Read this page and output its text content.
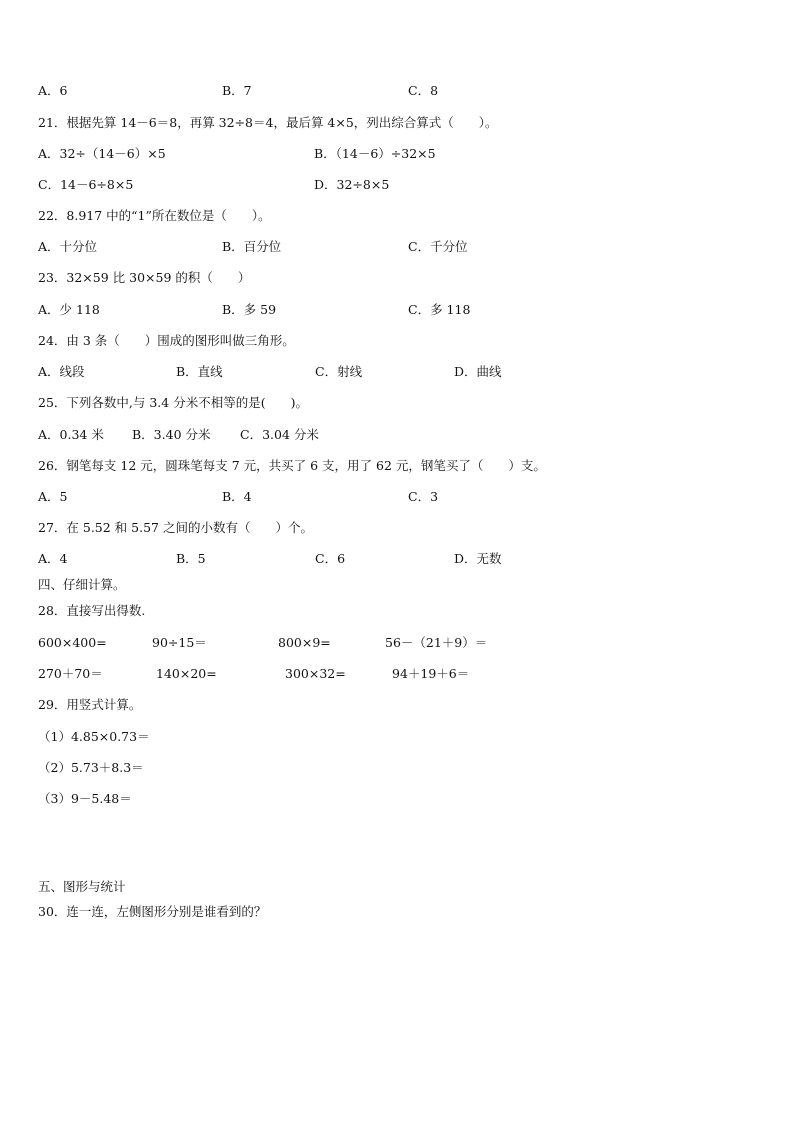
A．6	B．7	C．8
21．根据先算 14－6＝8，再算 32÷8＝4，最后算 4×5，列出综合算式（　　）。
A．32÷（14－6）×5	B．（14－6）÷32×5
C．14－6÷8×5	D．32÷8×5
22．8.917 中的“1”所在数位是（　　）。
A．十分位	B．百分位	C．千分位
23．32×59 比 30×59 的积（　　）
A．少 118	B．多 59	C．多 118
24．由 3 条（　　）围成的图形叫做三角形。
A．线段	B．直线	C．射线	D．曲线
25．下列各数中,与 3.4 分米不相等的是(　　)。
A．0.34 米 B．3.40 分米 C．3.04 分米
26．钢笔每支 12 元，圆珠笔每支 7 元，共买了 6 支，用了 62 元，钢笔买了（　　）支。
A．5	B．4	C．3
27．在 5.52 和 5.57 之间的小数有（　　）个。
A．4	B．5	C．6	D．无数
四、仔细计算。
28．直接写出得数.
600×400=	90÷15＝	800×9=	56－（21＋9）＝
270＋70＝	140×20=	300×32=	94＋19＋6＝
29．用竖式计算。
（1）4.85×0.73＝
（2）5.73＋8.3＝
（3）9－5.48＝
五、图形与统计
30．连一连，左侧图形分别是谁看到的？
